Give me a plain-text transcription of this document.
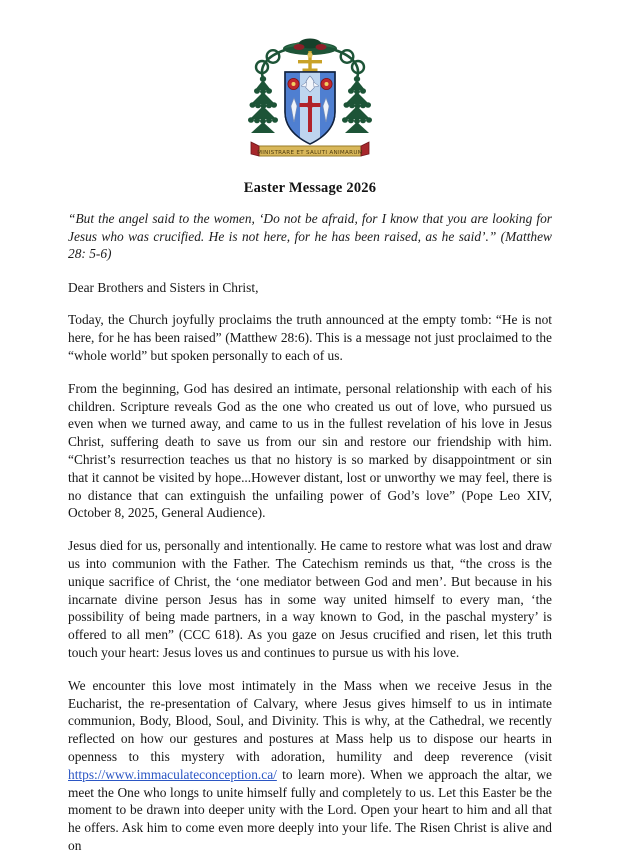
MINISTRARE ET SALUTI ANIMARUM
Easter Message 2026

“But the angel said to the women, ‘Do not be afraid, for I know that you are looking for Jesus who was crucified. He is not here, for he has been raised, as he said’.” (Matthew 28: 5-6)

Dear Brothers and Sisters in Christ,

Today, the Church joyfully proclaims the truth announced at the empty tomb: “He is not here, for he has been raised” (Matthew 28:6). This is a message not just proclaimed to the “whole world” but spoken personally to each of us.

From the beginning, God has desired an intimate, personal relationship with each of his children. Scripture reveals God as the one who created us out of love, who pursued us even when we turned away, and came to us in the fullest revelation of his love in Jesus Christ, suffering death to save us from our sin and restore our friendship with him. “Christ’s resurrection teaches us that no history is so marked by disappointment or sin that it cannot be visited by hope...However distant, lost or unworthy we may feel, there is no distance that can extinguish the unfailing power of God’s love” (Pope Leo XIV, October 8, 2025, General Audience).

Jesus died for us, personally and intentionally. He came to restore what was lost and draw us into communion with the Father. The Catechism reminds us that, “the cross is the unique sacrifice of Christ, the ‘one mediator between God and men’. But because in his incarnate divine person Jesus has in some way united himself to every man, ‘the possibility of being made partners, in a way known to God, in the paschal mystery’ is offered to all men” (CCC 618). As you gaze on Jesus crucified and risen, let this truth touch your heart: Jesus loves us and continues to pursue us with his love.

We encounter this love most intimately in the Mass when we receive Jesus in the Eucharist, the re-presentation of Calvary, where Jesus gives himself to us in intimate communion, Body, Blood, Soul, and Divinity. This is why, at the Cathedral, we recently reflected on how our gestures and postures at Mass help us to dispose our hearts in openness to this mystery with adoration, humility and deep reverence (visit https://www.immaculateconception.ca/ to learn more). When we approach the altar, we meet the One who longs to unite himself fully and completely to us. Let this Easter be the moment to be drawn into deeper unity with the Lord. Open your heart to him and all that he offers. Ask him to come even more deeply into your life. The Risen Christ is alive and on
